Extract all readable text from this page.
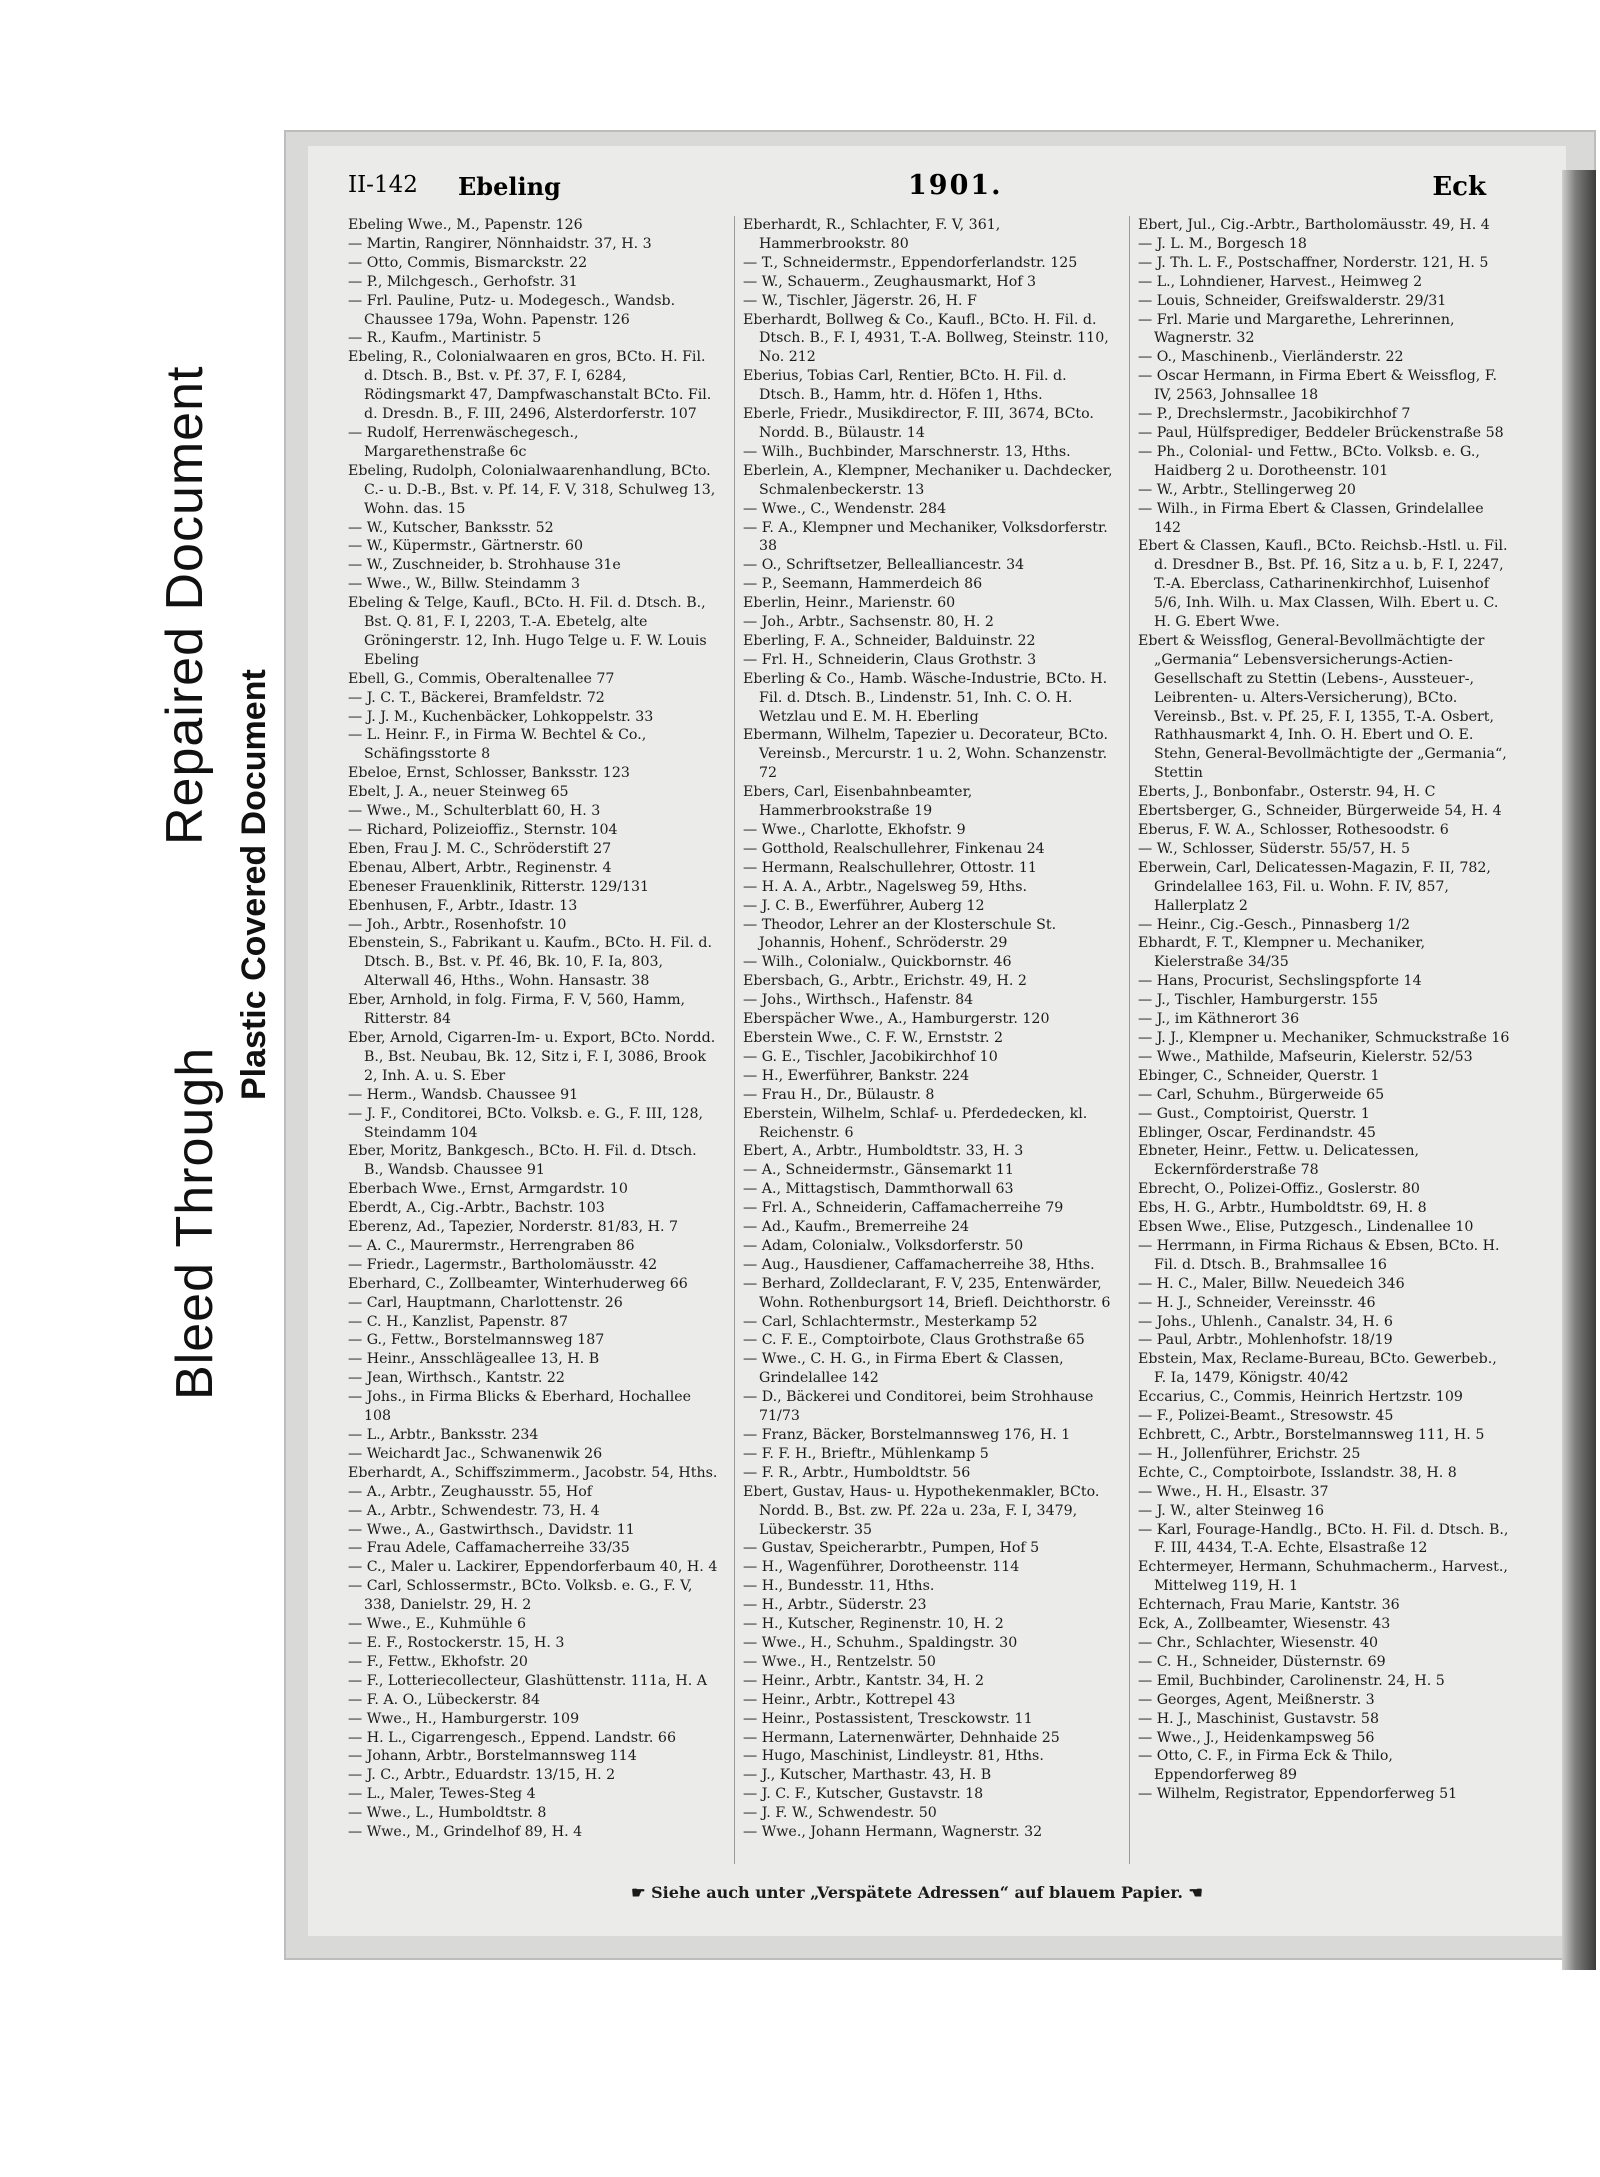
Bleed Through
Repaired Document
Plastic Covered Document
II-142 Ebeling	1901.	Eck

Ebeling Wwe., M., Papenstr. 126

— Martin, Rangirer, Nönnhaidstr. 37, H. 3

— Otto, Commis, Bismarckstr. 22

— P., Milchgesch., Gerhofstr. 31

— Frl. Pauline, Putz- u. Modegesch., Wandsb. Chaussee 179a, Wohn. Papenstr. 126

— R., Kaufm., Martinistr. 5

Ebeling, R., Colonialwaaren en gros, BCto. H. Fil. d. Dtsch. B., Bst. v. Pf. 37, F. I, 6284, Rödingsmarkt 47, Dampfwaschanstalt BCto. Fil. d. Dresdn. B., F. III, 2496, Alsterdorferstr. 107

— Rudolf, Herrenwäschegesch., Margarethenstraße 6c

Ebeling, Rudolph, Colonialwaarenhandlung, BCto. C.- u. D.-B., Bst. v. Pf. 14, F. V, 318, Schulweg 13, Wohn. das. 15

— W., Kutscher, Banksstr. 52

— W., Küpermstr., Gärtnerstr. 60

— W., Zuschneider, b. Strohhause 31e

— Wwe., W., Billw. Steindamm 3

Ebeling & Telge, Kaufl., BCto. H. Fil. d. Dtsch. B., Bst. Q. 81, F. I, 2203, T.-A. Ebetelg, alte Gröningerstr. 12, Inh. Hugo Telge u. F. W. Louis Ebeling

Ebell, G., Commis, Oberaltenallee 77

— J. C. T., Bäckerei, Bramfeldstr. 72

— J. J. M., Kuchenbäcker, Lohkoppelstr. 33

— L. Heinr. F., in Firma W. Bechtel & Co., Schäfingsstorte 8

Ebeloe, Ernst, Schlosser, Banksstr. 123

Ebelt, J. A., neuer Steinweg 65

— Wwe., M., Schulterblatt 60, H. 3

— Richard, Polizeioffiz., Sternstr. 104

Eben, Frau J. M. C., Schröderstift 27

Ebenau, Albert, Arbtr., Reginenstr. 4

Ebeneser Frauenklinik, Ritterstr. 129/131

Ebenhusen, F., Arbtr., Idastr. 13

— Joh., Arbtr., Rosenhofstr. 10

Ebenstein, S., Fabrikant u. Kaufm., BCto. H. Fil. d. Dtsch. B., Bst. v. Pf. 46, Bk. 10, F. Ia, 803, Alterwall 46, Hths., Wohn. Hansastr. 38

Eber, Arnhold, in folg. Firma, F. V, 560, Hamm, Ritterstr. 84

Eber, Arnold, Cigarren-Im- u. Export, BCto. Nordd. B., Bst. Neubau, Bk. 12, Sitz i, F. I, 3086, Brook 2, Inh. A. u. S. Eber

— Herm., Wandsb. Chaussee 91

— J. F., Conditorei, BCto. Volksb. e. G., F. III, 128, Steindamm 104

Eber, Moritz, Bankgesch., BCto. H. Fil. d. Dtsch. B., Wandsb. Chaussee 91

Eberbach Wwe., Ernst, Armgardstr. 10

Eberdt, A., Cig.-Arbtr., Bachstr. 103

Eberenz, Ad., Tapezier, Norderstr. 81/83, H. 7

— A. C., Maurermstr., Herrengraben 86

— Friedr., Lagermstr., Bartholomäusstr. 42

Eberhard, C., Zollbeamter, Winterhuderweg 66

— Carl, Hauptmann, Charlottenstr. 26

— C. H., Kanzlist, Papenstr. 87

— G., Fettw., Borstelmannsweg 187

— Heinr., Ansschlägeallee 13, H. B

— Jean, Wirthsch., Kantstr. 22

— Johs., in Firma Blicks & Eberhard, Hochallee 108

— L., Arbtr., Banksstr. 234

— Weichardt Jac., Schwanenwik 26

Eberhardt, A., Schiffszimmerm., Jacobstr. 54, Hths.

— A., Arbtr., Zeughausstr. 55, Hof

— A., Arbtr., Schwendestr. 73, H. 4

— Wwe., A., Gastwirthsch., Davidstr. 11

— Frau Adele, Caffamacherreihe 33/35

— C., Maler u. Lackirer, Eppendorferbaum 40, H. 4

— Carl, Schlossermstr., BCto. Volksb. e. G., F. V, 338, Danielstr. 29, H. 2

— Wwe., E., Kuhmühle 6

— E. F., Rostockerstr. 15, H. 3

— F., Fettw., Ekhofstr. 20

— F., Lotteriecollecteur, Glashüttenstr. 111a, H. A

— F. A. O., Lübeckerstr. 84

— Wwe., H., Hamburgerstr. 109

— H. L., Cigarrengesch., Eppend. Landstr. 66

— Johann, Arbtr., Borstelmannsweg 114

— J. C., Arbtr., Eduardstr. 13/15, H. 2

— L., Maler, Tewes-Steg 4

— Wwe., L., Humboldtstr. 8

— Wwe., M., Grindelhof 89, H. 4

Eberhardt, R., Schlachter, F. V, 361, Hammerbrookstr. 80

— T., Schneidermstr., Eppendorferlandstr. 125

— W., Schauerm., Zeughausmarkt, Hof 3

— W., Tischler, Jägerstr. 26, H. F

Eberhardt, Bollweg & Co., Kaufl., BCto. H. Fil. d. Dtsch. B., F. I, 4931, T.-A. Bollweg, Steinstr. 110, No. 212

Eberius, Tobias Carl, Rentier, BCto. H. Fil. d. Dtsch. B., Hamm, htr. d. Höfen 1, Hths.

Eberle, Friedr., Musikdirector, F. III, 3674, BCto. Nordd. B., Bülaustr. 14

— Wilh., Buchbinder, Marschnerstr. 13, Hths.

Eberlein, A., Klempner, Mechaniker u. Dachdecker, Schmalenbeckerstr. 13

— Wwe., C., Wendenstr. 284

— F. A., Klempner und Mechaniker, Volksdorferstr. 38

— O., Schriftsetzer, Bellealliancestr. 34

— P., Seemann, Hammerdeich 86

Eberlin, Heinr., Marienstr. 60

— Joh., Arbtr., Sachsenstr. 80, H. 2

Eberling, F. A., Schneider, Balduinstr. 22

— Frl. H., Schneiderin, Claus Grothstr. 3

Eberling & Co., Hamb. Wäsche-Industrie, BCto. H. Fil. d. Dtsch. B., Lindenstr. 51, Inh. C. O. H. Wetzlau und E. M. H. Eberling

Ebermann, Wilhelm, Tapezier u. Decorateur, BCto. Vereinsb., Mercurstr. 1 u. 2, Wohn. Schanzenstr. 72

Ebers, Carl, Eisenbahnbeamter, Hammerbrookstraße 19

— Wwe., Charlotte, Ekhofstr. 9

— Gotthold, Realschullehrer, Finkenau 24

— Hermann, Realschullehrer, Ottostr. 11

— H. A. A., Arbtr., Nagelsweg 59, Hths.

— J. C. B., Ewerführer, Auberg 12

— Theodor, Lehrer an der Klosterschule St. Johannis, Hohenf., Schröderstr. 29

— Wilh., Colonialw., Quickbornstr. 46

Ebersbach, G., Arbtr., Erichstr. 49, H. 2

— Johs., Wirthsch., Hafenstr. 84

Eberspächer Wwe., A., Hamburgerstr. 120

Eberstein Wwe., C. F. W., Ernststr. 2

— G. E., Tischler, Jacobikirchhof 10

— H., Ewerführer, Bankstr. 224

— Frau H., Dr., Bülaustr. 8

Eberstein, Wilhelm, Schlaf- u. Pferdedecken, kl. Reichenstr. 6

Ebert, A., Arbtr., Humboldtstr. 33, H. 3

— A., Schneidermstr., Gänsemarkt 11

— A., Mittagstisch, Dammthorwall 63

— Frl. A., Schneiderin, Caffamacherreihe 79

— Ad., Kaufm., Bremerreihe 24

— Adam, Colonialw., Volksdorferstr. 50

— Aug., Hausdiener, Caffamacherreihe 38, Hths.

— Berhard, Zolldeclarant, F. V, 235, Entenwärder, Wohn. Rothenburgsort 14, Briefl. Deichthorstr. 6

— Carl, Schlachtermstr., Mesterkamp 52

— C. F. E., Comptoirbote, Claus Grothstraße 65

— Wwe., C. H. G., in Firma Ebert & Classen, Grindelallee 142

— D., Bäckerei und Conditorei, beim Strohhause 71/73

— Franz, Bäcker, Borstelmannsweg 176, H. 1

— F. F. H., Brieftr., Mühlenkamp 5

— F. R., Arbtr., Humboldtstr. 56

Ebert, Gustav, Haus- u. Hypothekenmakler, BCto. Nordd. B., Bst. zw. Pf. 22a u. 23a, F. I, 3479, Lübeckerstr. 35

— Gustav, Speicherarbtr., Pumpen, Hof 5

— H., Wagenführer, Dorotheenstr. 114

— H., Bundesstr. 11, Hths.

— H., Arbtr., Süderstr. 23

— H., Kutscher, Reginenstr. 10, H. 2

— Wwe., H., Schuhm., Spaldingstr. 30

— Wwe., H., Rentzelstr. 50

— Heinr., Arbtr., Kantstr. 34, H. 2

— Heinr., Arbtr., Kottrepel 43

— Heinr., Postassistent, Tresckowstr. 11

— Hermann, Laternenwärter, Dehnhaide 25

— Hugo, Maschinist, Lindleystr. 81, Hths.

— J., Kutscher, Marthastr. 43, H. B

— J. C. F., Kutscher, Gustavstr. 18

— J. F. W., Schwendestr. 50

— Wwe., Johann Hermann, Wagnerstr. 32

Ebert, Jul., Cig.-Arbtr., Bartholomäusstr. 49, H. 4

— J. L. M., Borgesch 18

— J. Th. L. F., Postschaffner, Norderstr. 121, H. 5

— L., Lohndiener, Harvest., Heimweg 2

— Louis, Schneider, Greifswalderstr. 29/31

— Frl. Marie und Margarethe, Lehrerinnen, Wagnerstr. 32

— O., Maschinenb., Vierländerstr. 22

— Oscar Hermann, in Firma Ebert & Weissflog, F. IV, 2563, Johnsallee 18

— P., Drechslermstr., Jacobikirchhof 7

— Paul, Hülfsprediger, Beddeler Brückenstraße 58

— Ph., Colonial- und Fettw., BCto. Volksb. e. G., Haidberg 2 u. Dorotheenstr. 101

— W., Arbtr., Stellingerweg 20

— Wilh., in Firma Ebert & Classen, Grindelallee 142

Ebert & Classen, Kaufl., BCto. Reichsb.-Hstl. u. Fil. d. Dresdner B., Bst. Pf. 16, Sitz a u. b, F. I, 2247, T.-A. Eberclass, Catharinenkirchhof, Luisenhof 5/6, Inh. Wilh. u. Max Classen, Wilh. Ebert u. C. H. G. Ebert Wwe.

Ebert & Weissflog, General-Bevollmächtigte der „Germania“ Lebensversicherungs-Actien-Gesellschaft zu Stettin (Lebens-, Aussteuer-, Leibrenten- u. Alters-Versicherung), BCto. Vereinsb., Bst. v. Pf. 25, F. I, 1355, T.-A. Osbert, Rathhausmarkt 4, Inh. O. H. Ebert und O. E. Stehn, General-Bevollmächtigte der „Germania“, Stettin

Eberts, J., Bonbonfabr., Osterstr. 94, H. C

Ebertsberger, G., Schneider, Bürgerweide 54, H. 4

Eberus, F. W. A., Schlosser, Rothesoodstr. 6

— W., Schlosser, Süderstr. 55/57, H. 5

Eberwein, Carl, Delicatessen-Magazin, F. II, 782, Grindelallee 163, Fil. u. Wohn. F. IV, 857, Hallerplatz 2

— Heinr., Cig.-Gesch., Pinnasberg 1/2

Ebhardt, F. T., Klempner u. Mechaniker, Kielerstraße 34/35

— Hans, Procurist, Sechslingspforte 14

— J., Tischler, Hamburgerstr. 155

— J., im Käthnerort 36

— J. J., Klempner u. Mechaniker, Schmuckstraße 16

— Wwe., Mathilde, Mafseurin, Kielerstr. 52/53

Ebinger, C., Schneider, Querstr. 1

— Carl, Schuhm., Bürgerweide 65

— Gust., Comptoirist, Querstr. 1

Eblinger, Oscar, Ferdinandstr. 45

Ebneter, Heinr., Fettw. u. Delicatessen, Eckernförderstraße 78

Ebrecht, O., Polizei-Offiz., Goslerstr. 80

Ebs, H. G., Arbtr., Humboldtstr. 69, H. 8

Ebsen Wwe., Elise, Putzgesch., Lindenallee 10

— Herrmann, in Firma Richaus & Ebsen, BCto. H. Fil. d. Dtsch. B., Brahmsallee 16

— H. C., Maler, Billw. Neuedeich 346

— H. J., Schneider, Vereinsstr. 46

— Johs., Uhlenh., Canalstr. 34, H. 6

— Paul, Arbtr., Mohlenhofstr. 18/19

Ebstein, Max, Reclame-Bureau, BCto. Gewerbeb., F. Ia, 1479, Königstr. 40/42

Eccarius, C., Commis, Heinrich Hertzstr. 109

— F., Polizei-Beamt., Stresowstr. 45

Echbrett, C., Arbtr., Borstelmannsweg 111, H. 5

— H., Jollenführer, Erichstr. 25

Echte, C., Comptoirbote, Isslandstr. 38, H. 8

— Wwe., H. H., Elsastr. 37

— J. W., alter Steinweg 16

— Karl, Fourage-Handlg., BCto. H. Fil. d. Dtsch. B., F. III, 4434, T.-A. Echte, Elsastraße 12

Echtermeyer, Hermann, Schuhmacherm., Harvest., Mittelweg 119, H. 1

Echternach, Frau Marie, Kantstr. 36

Eck, A., Zollbeamter, Wiesenstr. 43

— Chr., Schlachter, Wiesenstr. 40

— C. H., Schneider, Düsternstr. 69

— Emil, Buchbinder, Carolinenstr. 24, H. 5

— Georges, Agent, Meißnerstr. 3

— H. J., Maschinist, Gustavstr. 58

— Wwe., J., Heidenkampsweg 56

— Otto, C. F., in Firma Eck & Thilo, Eppendorferweg 89

— Wilhelm, Registrator, Eppendorferweg 51

☛ Siehe auch unter „Verspätete Adressen“ auf blauem Papier. ☚
